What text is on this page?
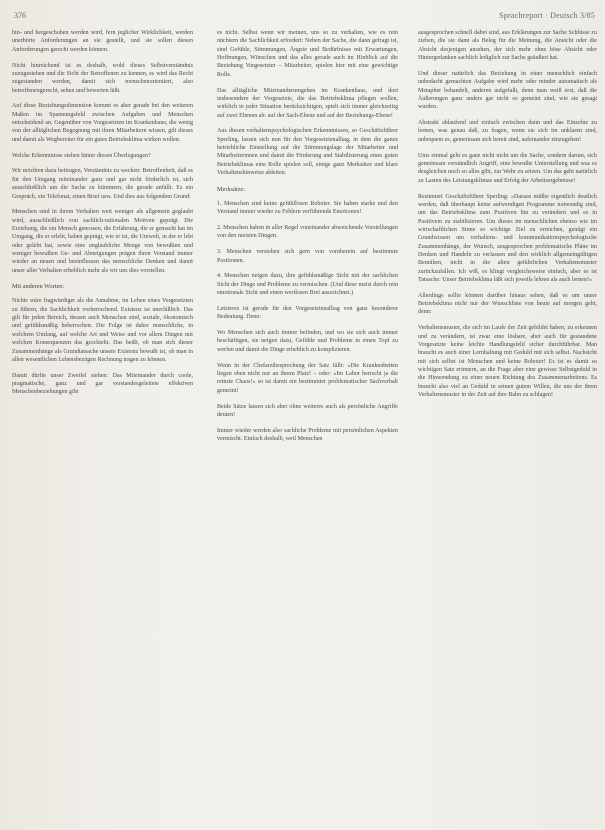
376	Sprachreport · Deutsch 3/85

hin- und hergeschoben werden wird, fern jeglicher Wirklichkeit, werden unerhörte Anforderungen an sie gestellt, und sie sollen diesen Anforderungen gerecht werden können.

Nicht hinreichend ist es deshalb, wohl dieses Selbstverständnis zuzugestehen und die Sicht der Betroffenen zu kennen, es wird das Recht zugestanden werden, damit sich menschenorientiert, also betroffenengerecht, sehen und bewerten läßt.

Auf diese Beziehungsdimension kommt es aber gerade bei den weiteren Maßen im Spannungsfeld zwischen Aufgaben und Menschen entscheidend an. Gegenüber von Vorgesetzten im Krankenhaus, die wenig von der alltäglichen Begegnung mit ihren Mitarbeitern wissen, gilt dieses und damit als Wegbereiter für ein gutes Betriebsklima wirken wollen.

Welche Erkenntnisse stehen hinter diesen Überlegungen?

Wir möchten dazu beitragen, Verständnis zu wecken: Betroffenheit, daß es für den Umgang miteinander ganz und gar nicht förderlich ist, sich ausschließlich um die Sache zu kümmern, die gerade anfällt. Es ein Gespräch, ein Telefonat, einen Brief usw. Und dies aus folgendem Grund:

Menschen sind in ihrem Verhalten weit weniger als allgemein geglaubt wird, ausschließlich von sachlich-rationalen Motiven geprägt. Die Erziehung, die ein Mensch genossen, die Erfahrung, die er gemacht hat im Umgang, die er erlebt, haben geprägt, wie er ist, die Umwelt, in der er lebt oder gelebt hat, sowie eine unglaubliche Menge von bewußten und weniger bewußten Ge- und Abneigungen prägen ihren Verstand immer wieder an neuen und beeinflussen das menschliche Denken und damit unser aller Verhalten erheblich mehr als wir uns dies vorstellen.

Mit anderen Worten:

Nichts wäre fragwürdiger als die Annahme, im Leben eines Vorgesetzten zu führen, die Sachlichkeit vorherrschend. Existenz ist unerläßlich. Das gilt für jeden Bereich, dessen auch Menschen sind, soziale, ökonomisch und gefühlsmäßig beherrschen. Die Folge ist daher menschliche, in welchem Umfang, auf welche Art und Weise und vor allem Dingen mit welchen Konsequenzen das geschieht. Das heißt, ob man sich dieser Zusammenhänge als Grundtatsache unsere Existenz bewußt ist, ob man in allen wesentlichen Lebensbezügen Rechnung tragen zu können.

Damit dürfte unser Zweifel stehen: Das Miteinander durch coole, pragmatische, ganz und gar verstandesgeleitete effektiven Menschenbeziehungen gibt

es nicht. Selbst wenn wir meinen, uns so zu verhalten, wie es rein nüchtern die Sachlichkeit erfordert: Neben der Sache, die dann gefragt ist, sind Gefühle, Stimmungen, Ängste und Bedürfnisse mit Erwartungen, Hoffnungen, Wünschen und das alles gerade auch im Hinblick auf die Beziehung Vorgesetzter – Mitarbeiter, spielen hier mit eine gewichtige Rolle.

Das alltägliche Miteinanderumgehen im Krankenhaus, und dort insbesondere der Vorgesetzte, die das Betriebsklima pflegen wollen, wirklich in jeder Situation berücksichtigen, spielt sich immer gleichzeitig auf zwei Ebenen ab: auf der Sach-Ebene und auf der Beziehungs-Ebene!

Aus diesen verhaltenspsychologischen Erkenntnissen, so Geschäftsführer Sperling, lassen sich nun für den Vorgesetztenalltag, in dem die ganze betriebliche Einstellung auf die Stimmungslage der Mitarbeiter und Mitarbeiterinnen und damit die Förderung und Stabilisierung eines guten Betriebsklimas eine Rolle spielen soll, einige ganz Merksätze und klare Verhaltenshinweise ableiten.

Merksätze:
1. Menschen sind keine gefühllosen Roboter. Sie haben starke und den Verstand immer wieder zu Fehlern verführende Emotionen!
2. Menschen haben in aller Regel voneinander abweichende Vorstellungen von den meisten Dingen.
3. Menschen verstehen sich gern von vornherein auf bestimmte Positionen.
4. Menschen neigen dazu, ihre gefühlsmäßige Sicht mit der sachlichen Sicht der Dinge und Probleme zu vermischen. (Und diese meist durch rein emotionale Sicht und einen wertlosen Brei auszeichnet.)
Letzteres ist gerade für den Vorgesetztenalltag von ganz besonderer Bedeutung. Denn:
Wo Menschen sich auch immer befinden, und wo sie sich auch immer beschäftigen, sie neigen dazu, Gefühle und Probleme in einen Topf zu werfen und damit die Dinge erheblich zu komplizieren.
Wenn in der Chefarztbesprechung der Satz fällt: »Die Krankenbetten liegen eben nicht nur an ihrem Platz! – oder: »Im Labor herrscht ja die reinste Chaos!« so ist damit ein bestimmter problematischer Sachverhalt gemeint!
Beide Sätze lassen sich aber ohne weiteres auch als persönliche Angriffe deuten!
Immer wieder werden also sachliche Probleme mit persönlichen Aspekten vermischt. Einfach deshalb, weil Menschen

ausgesprochen schnell dabei sind, aus Erklärungen zur Sache Schlüsse zu ziehen, die sie dann als Beleg für die Meinung, die Ansicht oder die Absicht desjenigen ansehen, der sich mehr ohne böse Absicht oder Hintergedanken sachlich lediglich zur Sache geäußert hat.

Und dieser natürlich das Beziehung in einer menschlich einfach unbedacht gemachten Aufgabe wird mehr oder minder automatisch als Metapher behandelt, anderen aufgefaßt, denn man weiß erst, daß die Äußerungen ganz anders gar nicht so gemeint sind, wie sie gesagt wurden.

Abstrakt ablaufend und einfach zwischen dann und das Einzelne zu lernen, was genau daß, zu fragen, wenn sie sich im unklaren sind, unbequem es, gemeinsam sich bereit sind, aufeinander einzugehen!

Ums einmal geht es ganz nicht nicht um die Sache, sondern darum, sich gemeinsam verständlich Angriff, eine bewußte Unterstellung und was es desgleichen noch so alles gibt, zur Wehr zu setzen. Um das geht natürlich zu Lasten des Leistungsklimas und Erfolg der Arbeitsergebnisse!

Resümiert Geschäftsführer Sperling: »Daraus müßte eigentlich deutlich werden, daß überhaupt keine aufwendigen Programme notwendig sind, um das Betriebsklima zum Positiven hin zu verändern und es in Positivem zu stabilisieren. Um dieses im menschlichen ebenso wie im wirtschaftlichen Sinne so wichtige Ziel zu erreichen, genügt ein Grundwissen um verhaltens- und kommunikationspsychologische Zusammenhänge, der Wunsch, ausgesprochen problematische Pläne im Denken und Handeln zu verlassen und den wirklich allgemeingültigen Bemühen, nicht in die alten gefährlichen Verhaltensmuster zurückzufallen. Ich wiß, es klingt vergleichsweise einfach, aber es ist Tatsache: Unser Betriebsklima läßt sich jeweils lehren als auch lernen!«

Allerdings sollte können darüber hinaus sehen, daß es um unser Betriebsklima nicht nur der Wunschliste von heute auf morgen geht, denn:

Verhaltensmuster, die sich im Laufe der Zeit gebildet haben, zu erkennen und zu verändern, ist zwar eine lösbare, aber auch für gestandene Vorgesetzte keine leichte Handlungsfeld sicher durchführbar. Man braucht es auch einer Lernhaltung mit Geduld mit sich selbst. Nachsicht mit sich selbst ist Menschen und keine Roboter! Es ist es damit so wichtigen Satz erinnern, an die Frage aber eine gewisse Selbstgeduld in die Hinwendung zu einer neuen Richtung des Zusammenarbeitens. Es braucht also viel an Geduld in seinen gutem Willen, die uns der ihren Verhaltensmuster in der Zeit auf ihre Bahn zu schlagen!
